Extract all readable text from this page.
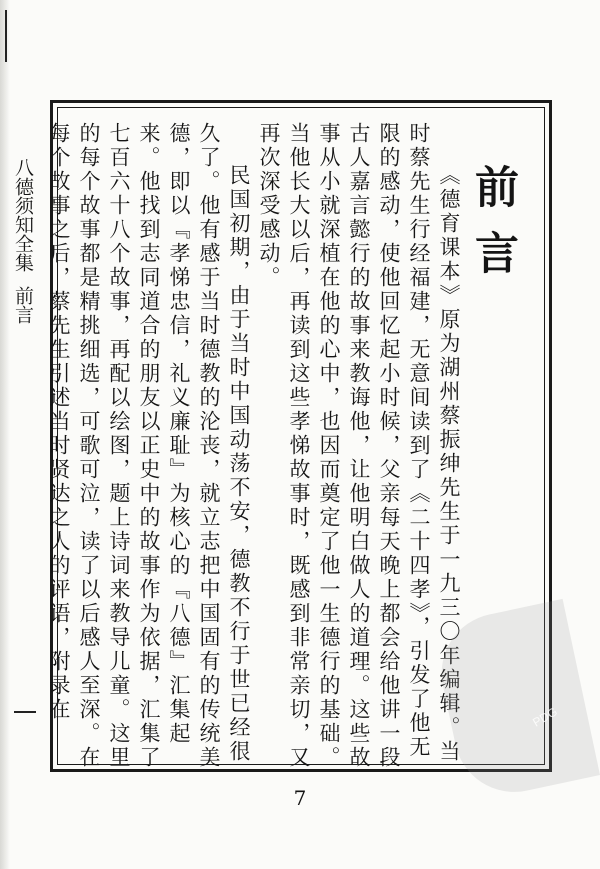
八德须知全集前言
前言

《德育课本》原为湖州蔡振绅先生于一九三〇年编辑。当时蔡先生行经福建，无意间读到了《二十四孝》，引发了他无限的感动，使他回忆起小时候，父亲每天晚上都会给他讲一段古人嘉言懿行的故事来教诲他，让他明白做人的道理。这些故事从小就深植在他的心中，也因而奠定了他一生德行的基础。当他长大以后，再读到这些孝悌故事时，既感到非常亲切，又再次深受感动。

民国初期，由于当时中国动荡不安，德教不行于世已经很久了。他有感于当时德教的沦丧，就立志把中国固有的传统美德，即以『孝悌忠信，礼义廉耻』为核心的『八德』汇集起来。他找到志同道合的朋友以正史中的故事作为依据，汇集了七百六十八个故事，再配以绘图，题上诗词来教导儿童。这里的每个故事都是精挑细选，可歌可泣，读了以后感人至深。在每个故事之后，蔡先生引述当时贤达之人的评语，附录在

7
PDG
